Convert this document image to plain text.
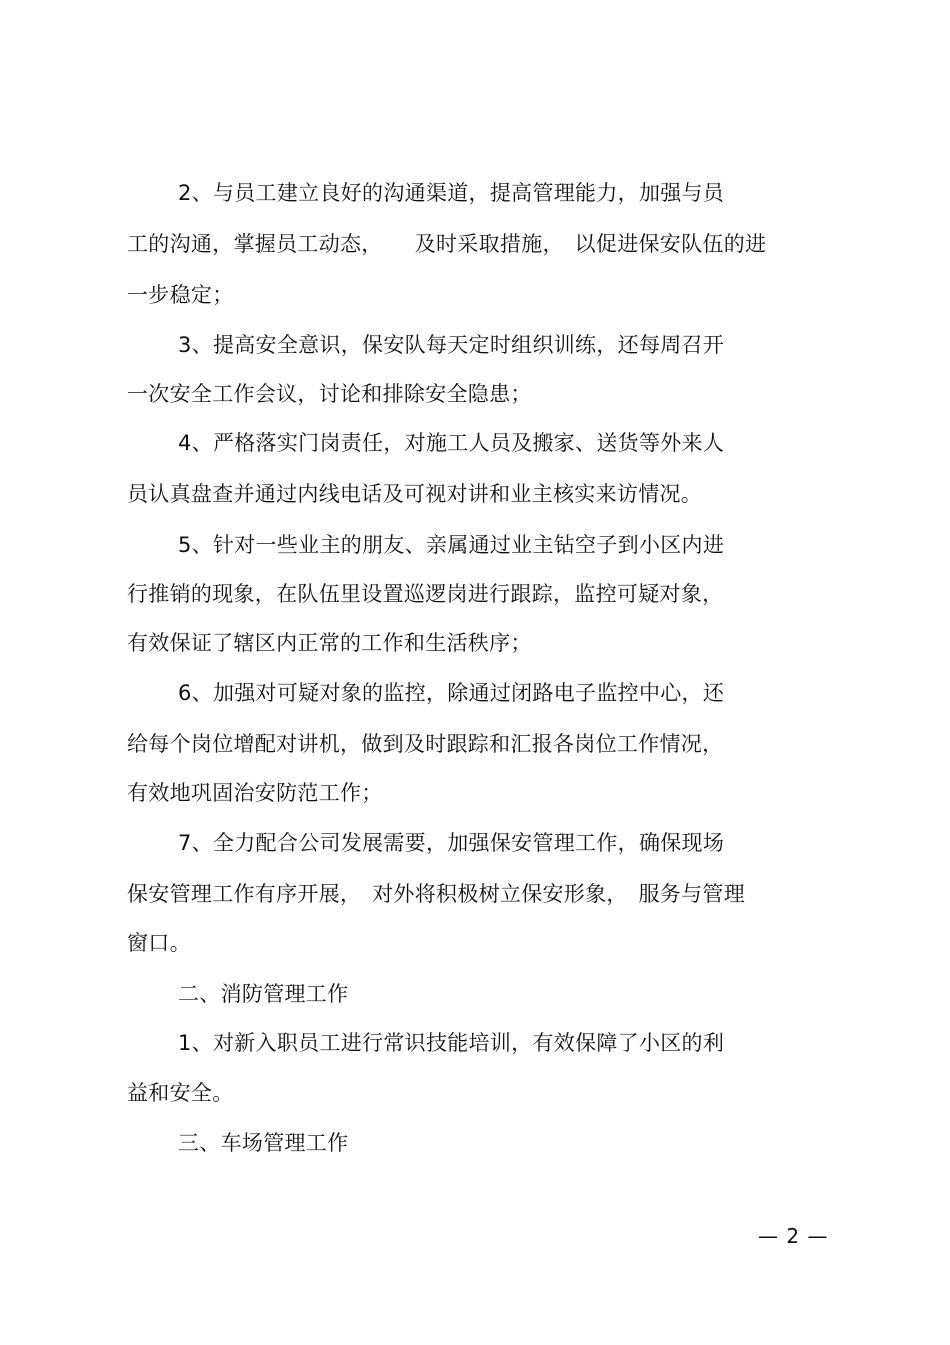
2、与员工建立良好的沟通渠道，提高管理能力，加强与员
工的沟通，掌握员工动态，　　及时采取措施，　以促进保安队伍的进
一步稳定；
3、提高安全意识，保安队每天定时组织训练，还每周召开
一次安全工作会议，讨论和排除安全隐患；
4、严格落实门岗责任，对施工人员及搬家、送货等外来人
员认真盘查并通过内线电话及可视对讲和业主核实来访情况。
5、针对一些业主的朋友、亲属通过业主钻空子到小区内进
行推销的现象，在队伍里设置巡逻岗进行跟踪，监控可疑对象，
有效保证了辖区内正常的工作和生活秩序；
6、加强对可疑对象的监控，除通过闭路电子监控中心，还
给每个岗位增配对讲机，做到及时跟踪和汇报各岗位工作情况，
有效地巩固治安防范工作；
7、全力配合公司发展需要，加强保安管理工作，确保现场
保安管理工作有序开展，　对外将积极树立保安形象，　服务与管理
窗口。
二、消防管理工作
1、对新入职员工进行常识技能培训，有效保障了小区的利
益和安全。
三、车场管理工作
— 2 —
